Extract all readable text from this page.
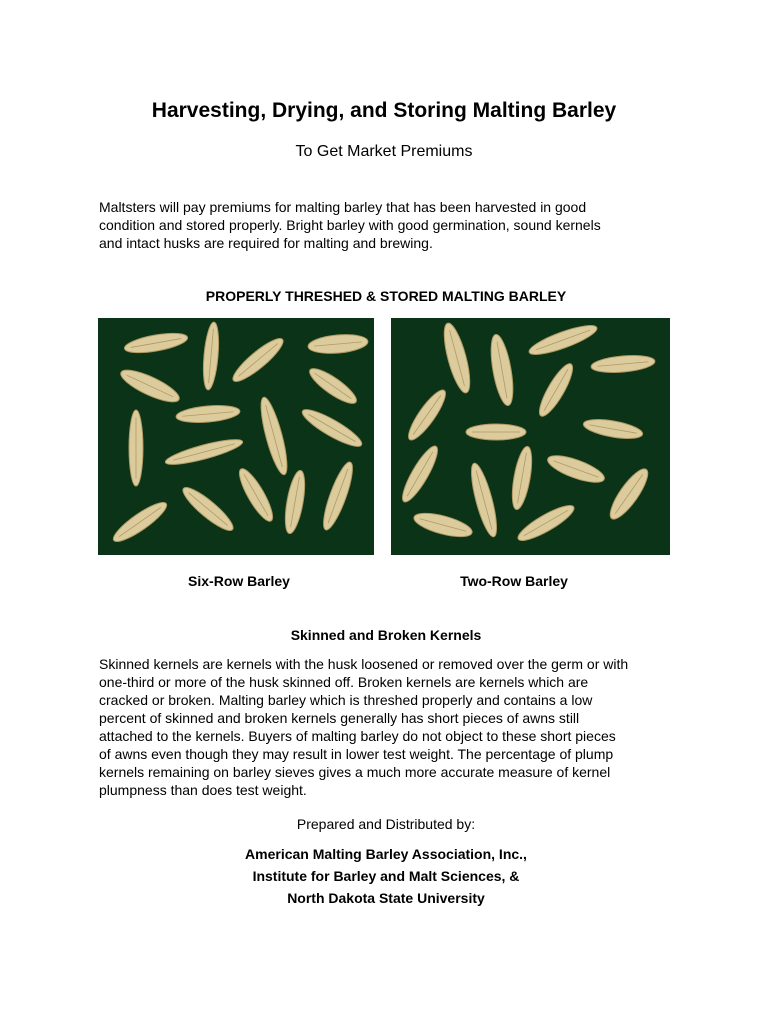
Harvesting, Drying, and Storing Malting Barley
To Get Market Premiums
Maltsters will pay premiums for malting barley that has been harvested in good
condition and stored properly. Bright barley with good germination, sound kernels
and intact husks are required for malting and brewing.
PROPERLY THRESHED & STORED MALTING BARLEY
Six-Row Barley	Two-Row Barley
Skinned and Broken Kernels
Skinned kernels are kernels with the husk loosened or removed over the germ or with
one‐third or more of the husk skinned off. Broken kernels are kernels which are
cracked or broken. Malting barley which is threshed properly and contains a low
percent of skinned and broken kernels generally has short pieces of awns still
attached to the kernels. Buyers of malting barley do not object to these short pieces
of awns even though they may result in lower test weight. The percentage of plump
kernels remaining on barley sieves gives a much more accurate measure of kernel
plumpness than does test weight.
Prepared and Distributed by:
American Malting Barley Association, Inc.,
Institute for Barley and Malt Sciences, &
North Dakota State University
